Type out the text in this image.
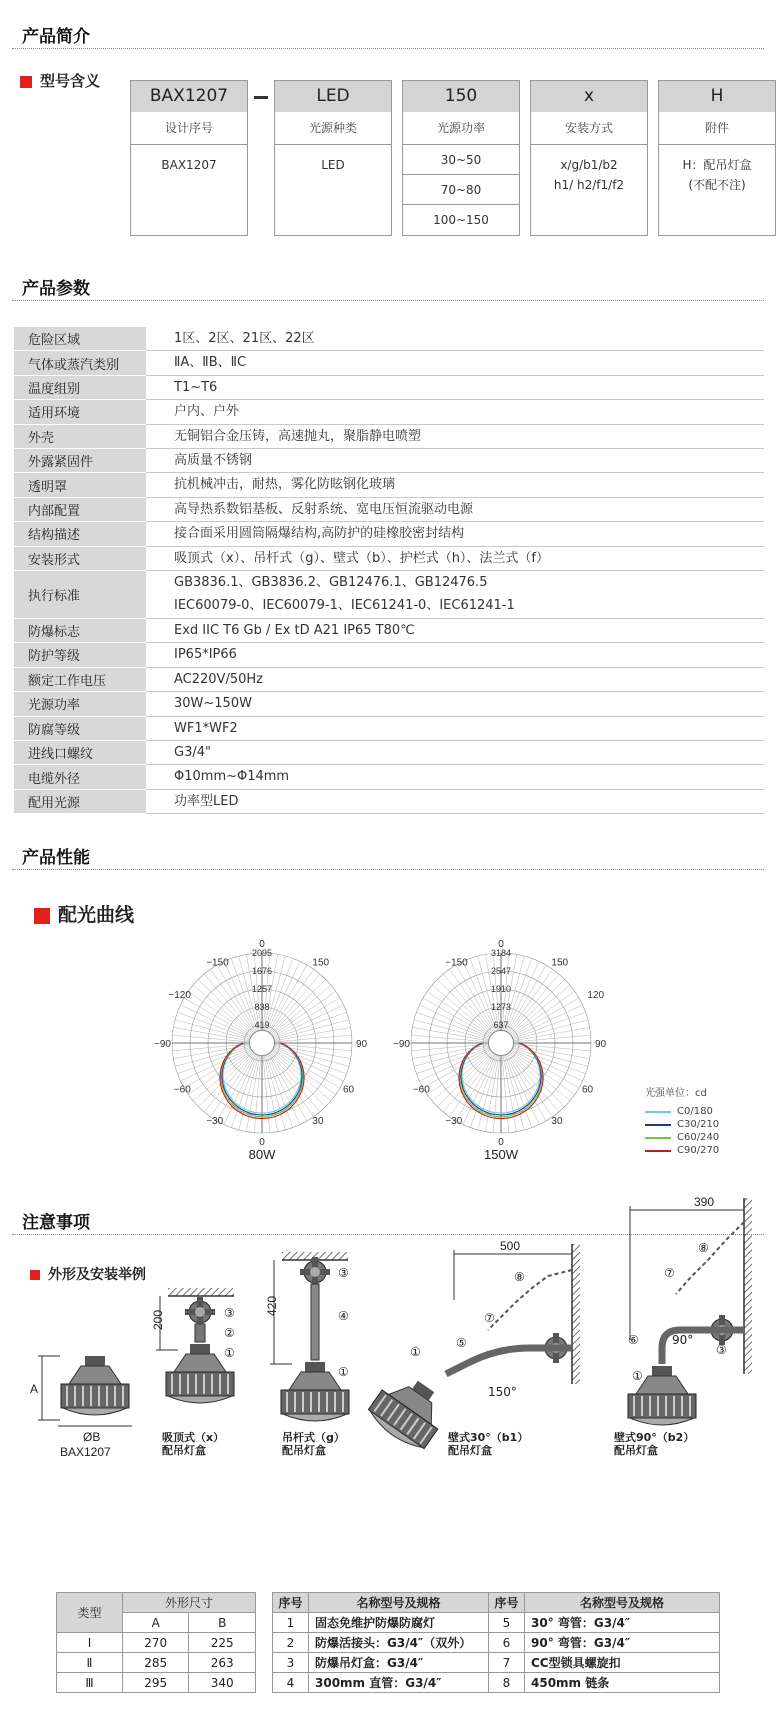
产品简介
型号含义
BAX1207
设计序号
BAX1207
LED
光源种类
LED
150
光源功率
30~50
70~80
100~150
x
安装方式
x/g/b1/b2
h1/ h2/f1/f2
H
附件
H：配吊灯盒
(不配不注)
产品参数
危险区域	1区、2区、21区、22区

气体或蒸汽类别	ⅡA、ⅡB、ⅡC

温度组别	T1~T6

适用环境	户内、户外

外壳	无铜铝合金压铸，高速抛丸，聚脂静电喷塑

外露紧固件	高质量不锈钢

透明罩	抗机械冲击，耐热，雾化防眩钢化玻璃

内部配置	高导热系数铝基板、反射系统、宽电压恒流驱动电源

结构描述	接合面采用圆筒隔爆结构,高防护的硅橡胶密封结构

安装形式	吸顶式（x）、吊杆式（g）、壁式（b）、护栏式（h）、法兰式（f）

执行标准	GB3836.1、GB3836.2、GB12476.1、GB12476.5
IEC60079-0、IEC60079-1、IEC61241-0、IEC61241-1

防爆标志	Exd IIC T6 Gb / Ex tD A21 IP65 T80℃

防护等级	IP65*IP66

额定工作电压	AC220V/50Hz

光源功率	30W~150W

防腐等级	WF1*WF2

进线口螺纹	G3/4"

电缆外径	Φ10mm~Φ14mm

配用光源	功率型LED
产品性能
配光曲线
2095
1676
1257
838
419
0
−150	150
−120
−90	90
−60	60
−30	30
0
80W
3184
2547
1910
1273
637
0
−150	150
120
−90	90
−60	60
−30	30
0
150W
光强单位：cd
C0/180
C30/210
C60/240
C90/270
注意事项
外形及安装举例
A
ØB
BAX1207
200	③
②
①
吸顶式（x）
配吊灯盒
420
③
④
①
吊杆式（g）
配吊灯盒
500
⑧
⑦
⑤
①
150°
壁式30°（b1）
配吊灯盒
390
⑧
⑦
⑥
③
90°
①
壁式90°（b2）
配吊灯盒
类型	外形尺寸	
	A	B
Ⅰ	270	225
Ⅱ	285	263
Ⅲ	295	340
序号	名称型号及规格	序号	名称型号及规格
1	固态免维护防爆防腐灯	5	30° 弯管：G3/4″
2	防爆活接头：G3/4″（双外）	6	90° 弯管：G3/4″
3	防爆吊灯盒：G3/4″	7	CC型锁具螺旋扣
4	300mm 直管：G3/4″	8	450mm 链条
